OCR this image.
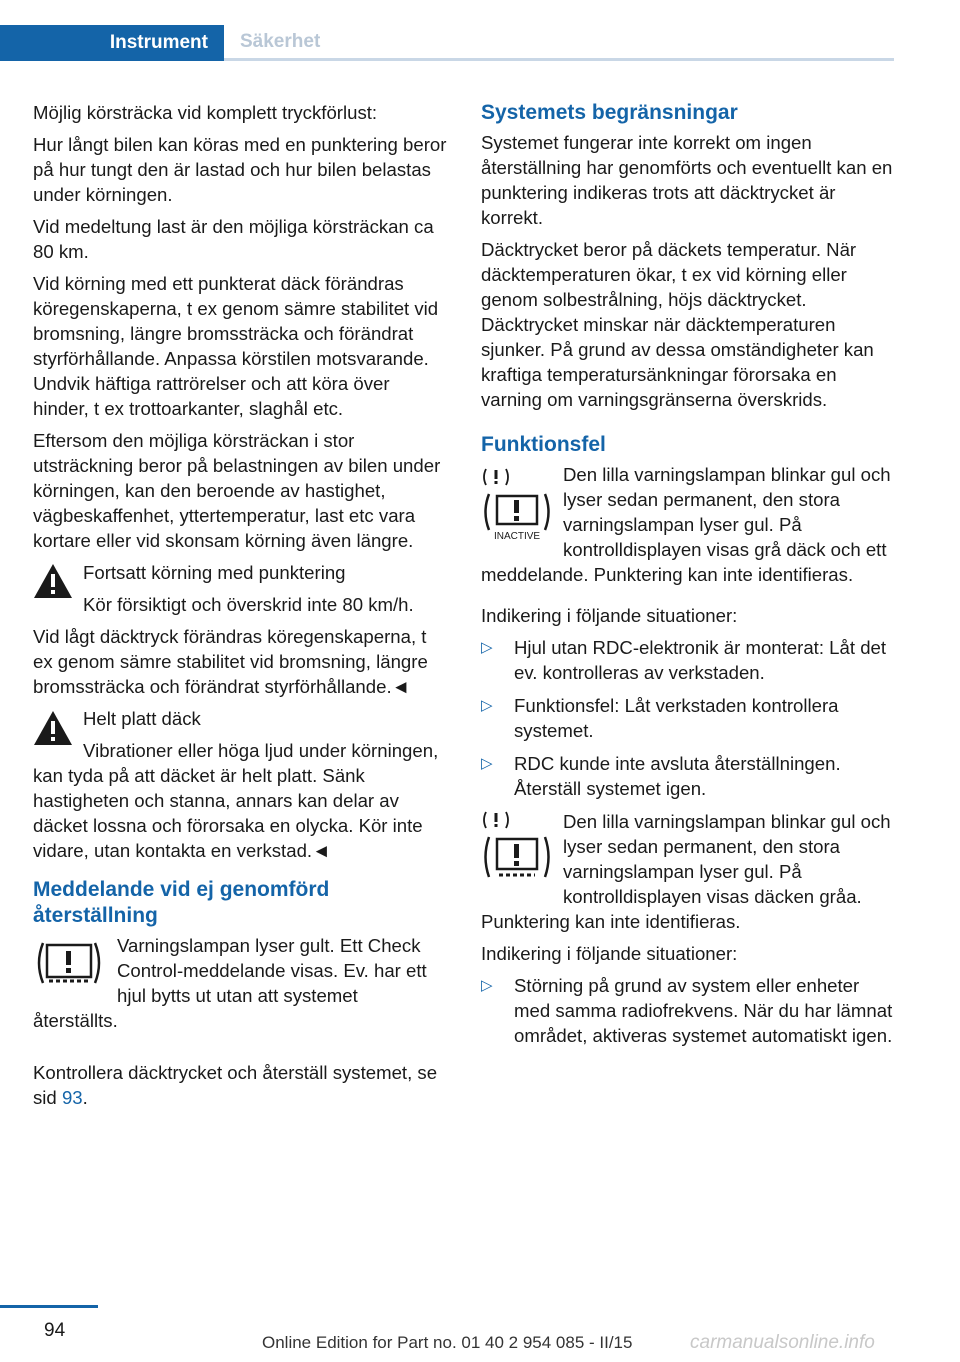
Instrument	Säkerhet

Möjlig körsträcka vid komplett tryckförlust:

Hur långt bilen kan köras med en punktering beror på hur tungt den är lastad och hur bilen belastas under körningen.

Vid medeltung last är den möjliga körsträckan ca 80 km.

Vid körning med ett punkterat däck förändras köregenskaperna, t ex genom sämre stabilitet vid bromsning, längre bromssträcka och förändrat styrförhållande. Anpassa körstilen motsvarande. Undvik häftiga rattrörelser och att köra över hinder, t ex trottoarkanter, slaghål etc.

Eftersom den möjliga körsträckan i stor utsträckning beror på belastningen av bilen under körningen, kan den beroende av hastighet, vägbeskaffenhet, yttertemperatur, last etc vara kortare eller vid skonsam körning även längre.

Fortsatt körning med punktering

Kör försiktigt och överskrid inte 80 km/h.

Vid lågt däcktryck förändras köregenskaperna, t ex genom sämre stabilitet vid bromsning, längre bromssträcka och förändrat styrförhållande.◄

Helt platt däck

Vibrationer eller höga ljud under körningen, kan tyda på att däcket är helt platt. Sänk hastigheten och stanna, annars kan delar av däcket lossna och förorsaka en olycka. Kör inte vidare, utan kontakta en verkstad.◄

Meddelande vid ej genomförd återställning

Varningslampan lyser gult. Ett Check Control-meddelande visas. Ev. har ett hjul bytts ut utan att systemet återställts.

Kontrollera däcktrycket och återställ systemet, se sid 93.

Systemets begränsningar

Systemet fungerar inte korrekt om ingen återställning har genomförts och eventuellt kan en punktering indikeras trots att däcktrycket är korrekt.

Däcktrycket beror på däckets temperatur. När däcktemperaturen ökar, t ex vid körning eller genom solbestrålning, höjs däcktrycket. Däcktrycket minskar när däcktemperaturen sjunker. På grund av dessa omständigheter kan kraftiga temperatursänkningar förorsaka en varning om varningsgränserna överskrids.

Funktionsfel
INACTIVE

Den lilla varningslampan blinkar gul och lyser sedan permanent, den stora varningslampan lyser gul. På kontrolldisplayen visas grå däck och ett meddelande. Punktering kan inte identifieras.

Indikering i följande situationer:

▷ Hjul utan RDC-elektronik är monterat: Låt det ev. kontrolleras av verkstaden.
▷ Funktionsfel: Låt verkstaden kontrollera systemet.
▷ RDC kunde inte avsluta återställningen. Återställ systemet igen.

Den lilla varningslampan blinkar gul och lyser sedan permanent, den stora varningslampan lyser gul. På kontrolldisplayen visas däcken gråa. Punktering kan inte identifieras.

Indikering i följande situationer:

▷ Störning på grund av system eller enheter med samma radiofrekvens. När du har lämnat området, aktiveras systemet automatiskt igen.
94
Online Edition for Part no. 01 40 2 954 085 - II/15	carmanualsonline.info
